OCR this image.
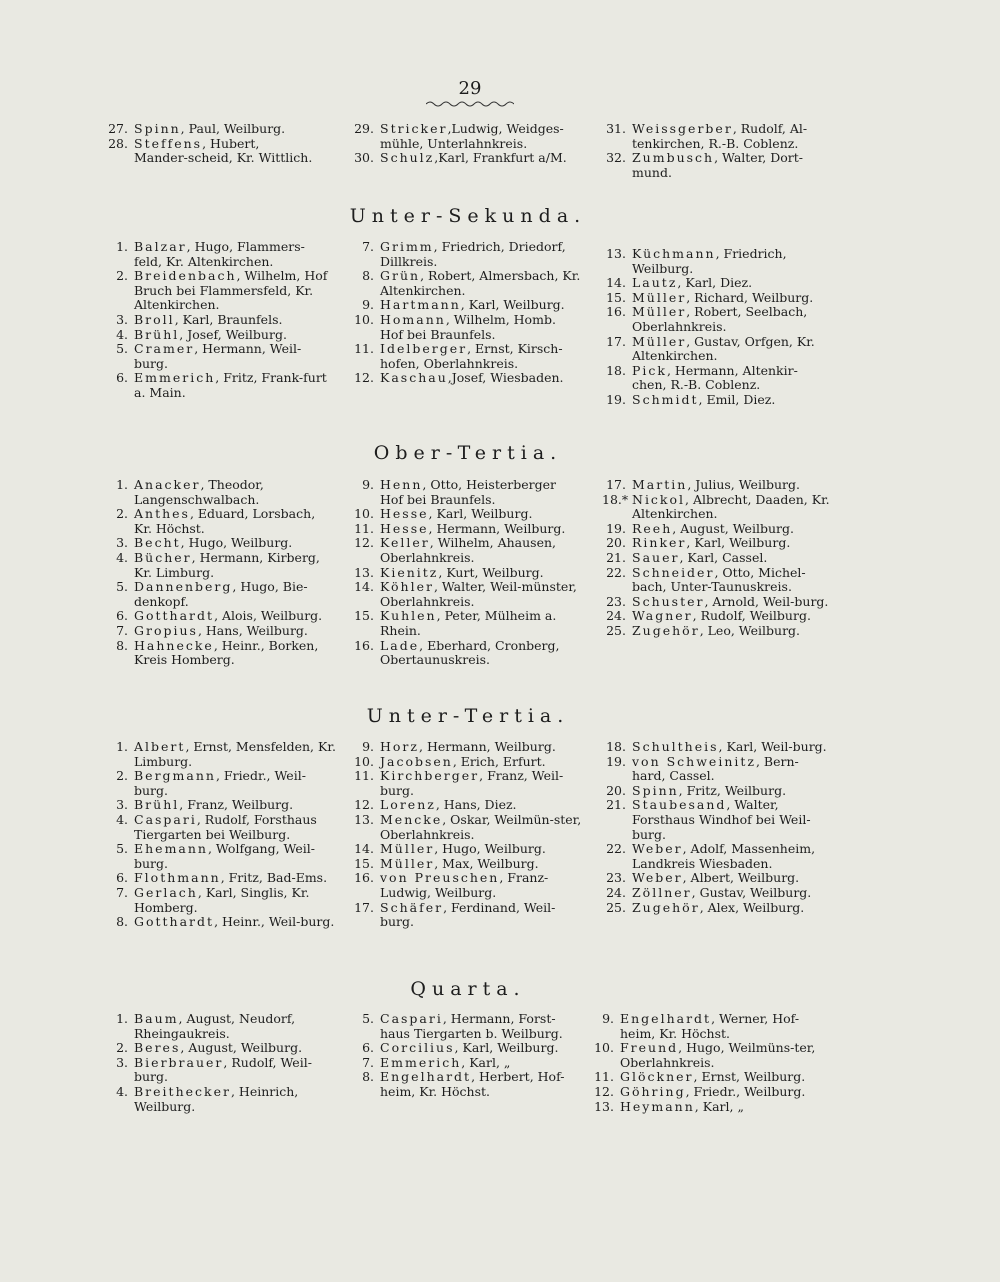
29
27. Spinn, Paul, Weilburg.
28. Steffens, Hubert, Mander-scheid, Kr. Wittlich.
29. Stricker,Ludwig, Weidges-mühle, Unterlahnkreis.
30. Schulz,Karl, Frankfurt a/M.
31. Weissgerber, Rudolf, Al-tenkirchen, R.-B. Coblenz.
32. Zumbusch, Walter, Dort-mund.
Unter-Sekunda.
1. Balzar, Hugo, Flammers-feld, Kr. Altenkirchen.
2. Breidenbach, Wilhelm, Hof Bruch bei Flammersfeld, Kr. Altenkirchen.
3. Broll, Karl, Braunfels.
4. Brühl, Josef, Weilburg.
5. Cramer, Hermann, Weil-burg.
6. Emmerich, Fritz, Frank-furt a. Main.
7. Grimm, Friedrich, Driedorf, Dillkreis.
8. Grün, Robert, Almersbach, Kr. Altenkirchen.
9. Hartmann, Karl, Weilburg.
10. Homann, Wilhelm, Homb. Hof bei Braunfels.
11. Idelberger, Ernst, Kirsch-hofen, Oberlahnkreis.
12. Kaschau,Josef, Wiesbaden.
13. Küchmann, Friedrich, Weilburg.
14. Lautz, Karl, Diez.
15. Müller, Richard, Weilburg.
16. Müller, Robert, Seelbach, Oberlahnkreis.
17. Müller, Gustav, Orfgen, Kr. Altenkirchen.
18. Pick, Hermann, Altenkir-chen, R.-B. Coblenz.
19. Schmidt, Emil, Diez.
Ober-Tertia.
1. Anacker, Theodor, Langenschwalbach.
2. Anthes, Eduard, Lorsbach, Kr. Höchst.
3. Becht, Hugo, Weilburg.
4. Bücher, Hermann, Kirberg, Kr. Limburg.
5. Dannenberg, Hugo, Bie-denkopf.
6. Gotthardt, Alois, Weilburg.
7. Gropius, Hans, Weilburg.
8. Hahnecke, Heinr., Borken, Kreis Homberg.
9. Henn, Otto, Heisterberger Hof bei Braunfels.
10. Hesse, Karl, Weilburg.
11. Hesse, Hermann, Weilburg.
12. Keller, Wilhelm, Ahausen, Oberlahnkreis.
13. Kienitz, Kurt, Weilburg.
14. Köhler, Walter, Weil-münster, Oberlahnkreis.
15. Kuhlen, Peter, Mülheim a. Rhein.
16. Lade, Eberhard, Cronberg, Obertaunuskreis.
17. Martin, Julius, Weilburg.
18.* Nickol, Albrecht, Daaden, Kr. Altenkirchen.
19. Reeh, August, Weilburg.
20. Rinker, Karl, Weilburg.
21. Sauer, Karl, Cassel.
22. Schneider, Otto, Michel-bach, Unter-Taunuskreis.
23. Schuster, Arnold, Weil-burg.
24. Wagner, Rudolf, Weilburg.
25. Zugehör, Leo, Weilburg.
Unter-Tertia.
1. Albert, Ernst, Mensfelden, Kr. Limburg.
2. Bergmann, Friedr., Weil-burg.
3. Brühl, Franz, Weilburg.
4. Caspari, Rudolf, Forsthaus Tiergarten bei Weilburg.
5. Ehemann, Wolfgang, Weil-burg.
6. Flothmann, Fritz, Bad-Ems.
7. Gerlach, Karl, Singlis, Kr. Homberg.
8. Gotthardt, Heinr., Weil-burg.
9. Horz, Hermann, Weilburg.
10. Jacobsen, Erich, Erfurt.
11. Kirchberger, Franz, Weil-burg.
12. Lorenz, Hans, Diez.
13. Mencke, Oskar, Weilmün-ster, Oberlahnkreis.
14. Müller, Hugo, Weilburg.
15. Müller, Max, Weilburg.
16. von Preuschen, Franz-Ludwig, Weilburg.
17. Schäfer, Ferdinand, Weil-burg.
18. Schultheis, Karl, Weil-burg.
19. von Schweinitz, Bern-hard, Cassel.
20. Spinn, Fritz, Weilburg.
21. Staubesand, Walter, Forsthaus Windhof bei Weil-burg.
22. Weber, Adolf, Massenheim, Landkreis Wiesbaden.
23. Weber, Albert, Weilburg.
24. Zöllner, Gustav, Weilburg.
25. Zugehör, Alex, Weilburg.
Quarta.
1. Baum, August, Neudorf, Rheingaukreis.
2. Beres, August, Weilburg.
3. Bierbrauer, Rudolf, Weil-burg.
4. Breithecker, Heinrich, Weilburg.
5. Caspari, Hermann, Forst-haus Tiergarten b. Weilburg.
6. Corcilius, Karl, Weilburg.
7. Emmerich, Karl, „
8. Engelhardt, Herbert, Hof-heim, Kr. Höchst.
9. Engelhardt, Werner, Hof-heim, Kr. Höchst.
10. Freund, Hugo, Weilmüns-ter, Oberlahnkreis.
11. Glöckner, Ernst, Weilburg.
12. Göhring, Friedr., Weilburg.
13. Heymann, Karl, „
